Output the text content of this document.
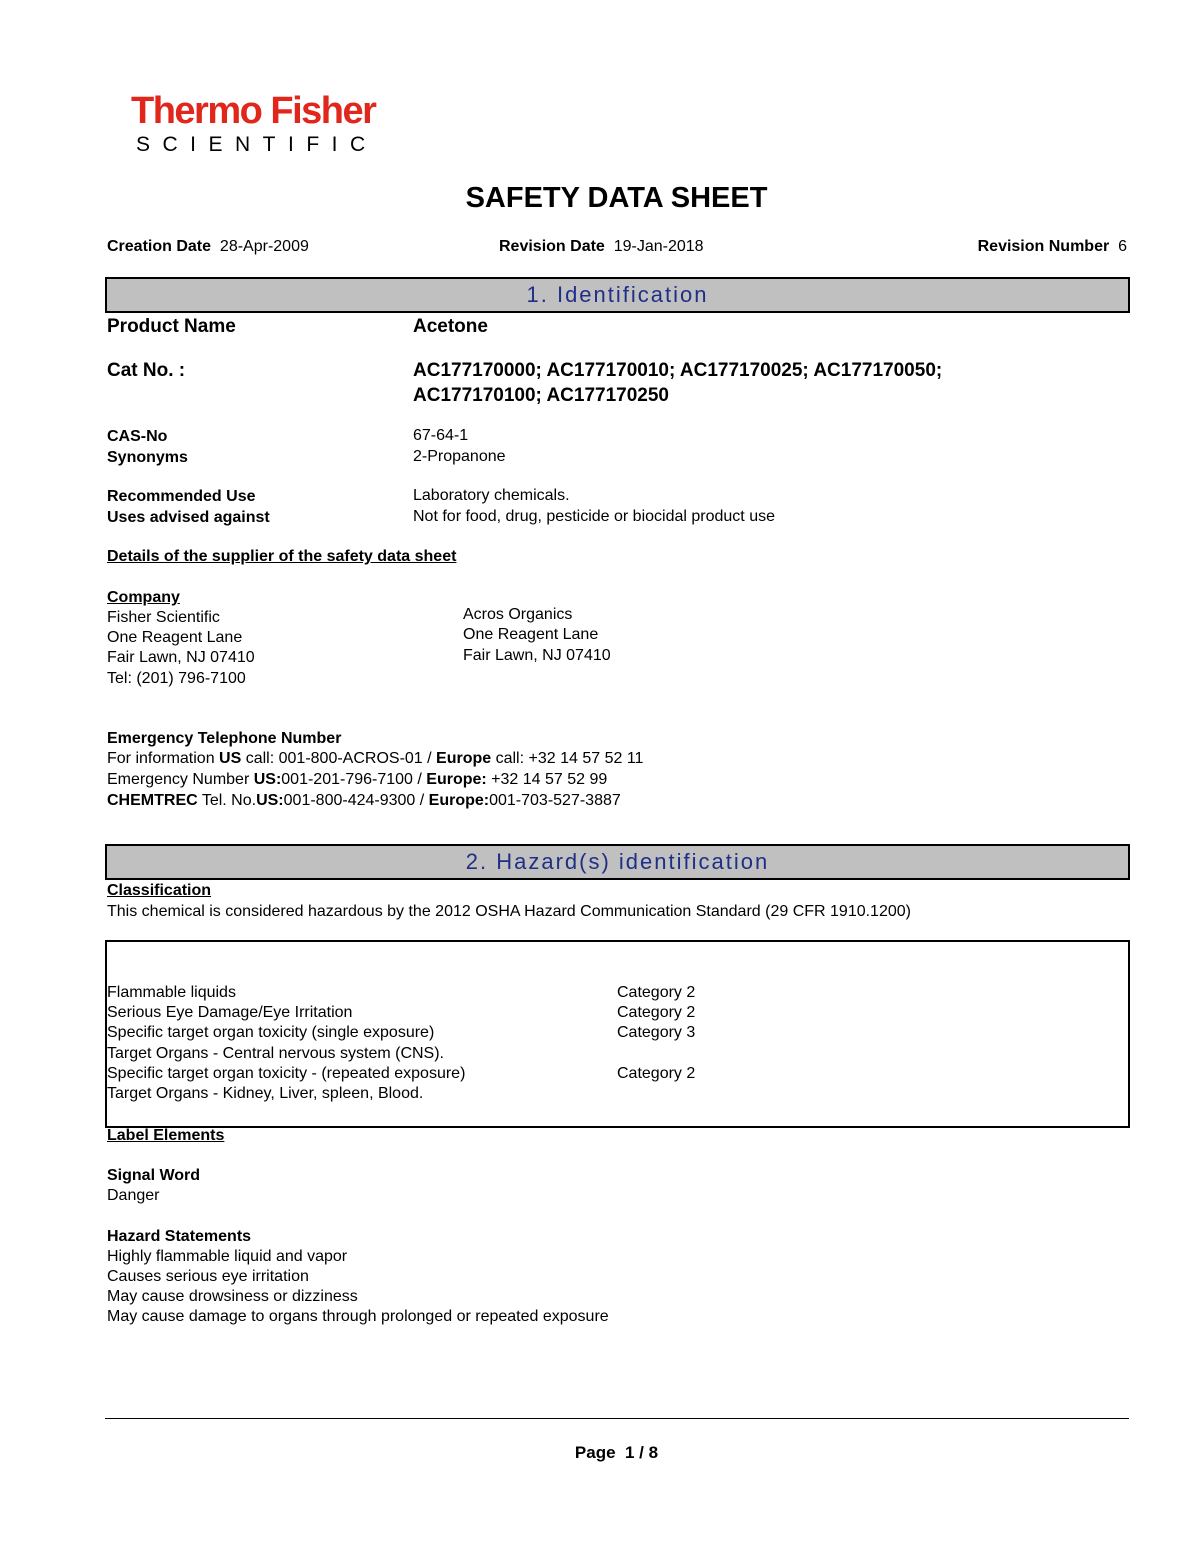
Thermo Fisher
SCIENTIFIC
SAFETY DATA SHEET
Creation Date 28-Apr-2009	Revision Date 19-Jan-2018	Revision Number 6
1. Identification
Product Name	Acetone
Cat No. :	AC177170000; AC177170010; AC177170025; AC177170050;
AC177170100; AC177170250
CAS-No	67-64-1
Synonyms	2-Propanone
Recommended Use	Laboratory chemicals.
Uses advised against	Not for food, drug, pesticide or biocidal product use
Details of the supplier of the safety data sheet
Company
Fisher Scientific
One Reagent Lane
Fair Lawn, NJ 07410
Tel: (201) 796-7100
Acros Organics
One Reagent Lane
Fair Lawn, NJ 07410
Emergency Telephone Number
For information US call: 001-800-ACROS-01 / Europe call: +32 14 57 52 11
Emergency Number US:001-201-796-7100 / Europe: +32 14 57 52 99
CHEMTREC Tel. No.US:001-800-424-9300 / Europe:001-703-527-3887
2. Hazard(s) identification
Classification
This chemical is considered hazardous by the 2012 OSHA Hazard Communication Standard (29 CFR 1910.1200)
Flammable liquids	Category 2
Serious Eye Damage/Eye Irritation	Category 2
Specific target organ toxicity (single exposure)	Category 3
Target Organs - Central nervous system (CNS).
Specific target organ toxicity - (repeated exposure)	Category 2
Target Organs - Kidney, Liver, spleen, Blood.
Label Elements
Signal Word
Danger
Hazard Statements
Highly flammable liquid and vapor
Causes serious eye irritation
May cause drowsiness or dizziness
May cause damage to organs through prolonged or repeated exposure
Page 1 / 8
